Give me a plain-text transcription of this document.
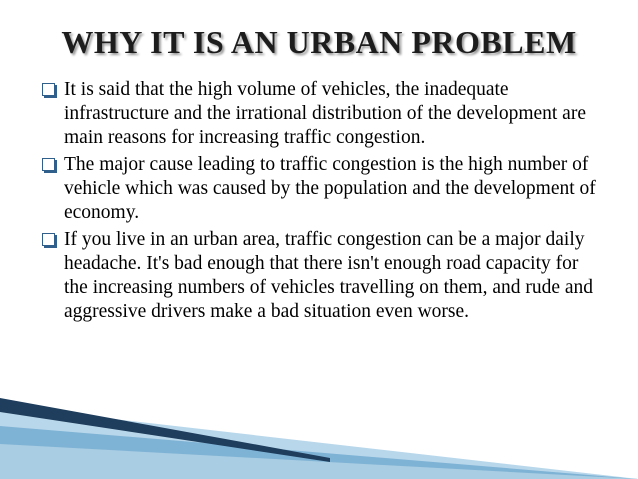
WHY IT IS AN URBAN PROBLEM
It is said that the high volume of vehicles, the inadequate infrastructure and the irrational distribution of the development are main reasons for increasing traffic congestion.
The major cause leading to traffic congestion is the high number of vehicle which was caused by the population and the development of economy.
If you live in an urban area, traffic congestion can be a major daily headache. It's bad enough that there isn't enough road capacity for the increasing numbers of vehicles travelling on them, and rude and aggressive drivers make a bad situation even worse.
